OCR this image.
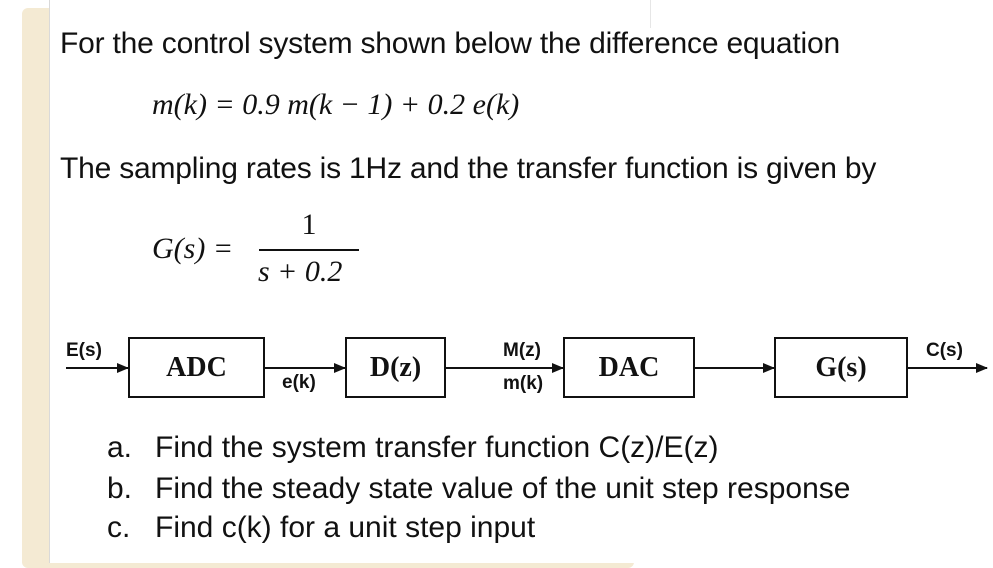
For the control system shown below the difference equation
m(k) = 0.9 m(k − 1) + 0.2 e(k)
The sampling rates is 1Hz and the transfer function is given by
G(s) =
1
s + 0.2
ADC	D(z)	DAC	G(s)
E(s)
e(k)
M(z)
m(k)
C(s)
a. Find the system transfer function C(z)/E(z)
b. Find the steady state value of the unit step response
c. Find c(k) for a unit step input
